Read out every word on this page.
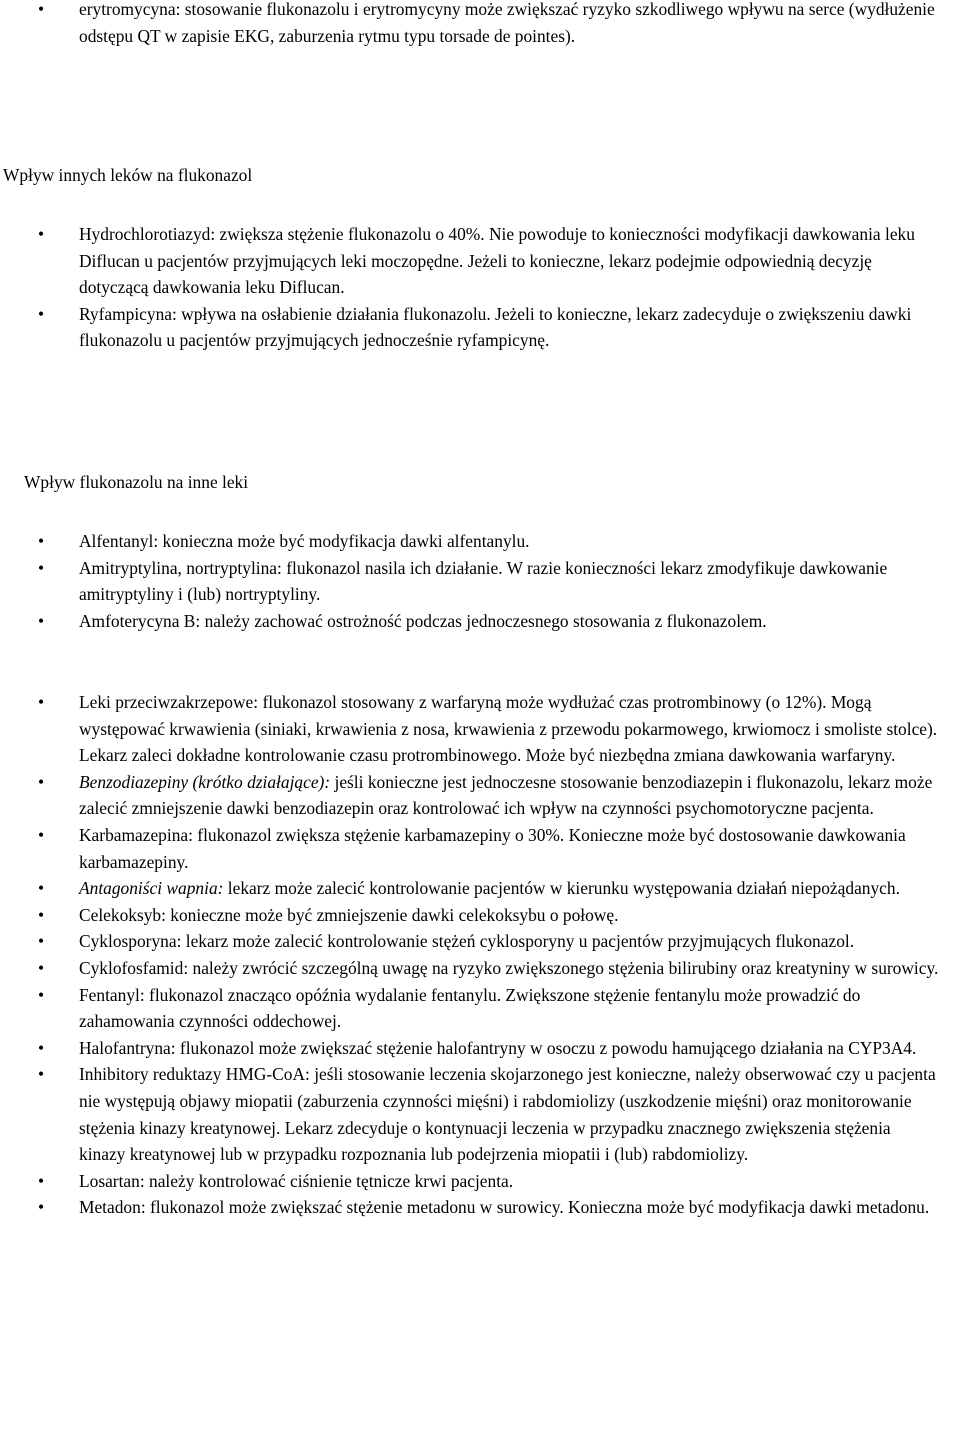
• erytromycyna: stosowanie flukonazolu i erytromycyny może zwiększać ryzyko szkodliwego wpływu na serce (wydłużenie odstępu QT w zapisie EKG, zaburzenia rytmu typu torsade de pointes).
Wpływ innych leków na flukonazol
• Hydrochlorotiazyd: zwiększa stężenie flukonazolu o 40%. Nie powoduje to konieczności modyfikacji dawkowania leku Diflucan u pacjentów przyjmujących leki moczopędne. Jeżeli to konieczne, lekarz podejmie odpowiednią decyzję dotyczącą dawkowania leku Diflucan.
• Ryfampicyna: wpływa na osłabienie działania flukonazolu. Jeżeli to konieczne, lekarz zadecyduje o zwiększeniu dawki flukonazolu u pacjentów przyjmujących jednocześnie ryfampicynę.
Wpływ flukonazolu na inne leki
• Alfentanyl: konieczna może być modyfikacja dawki alfentanylu.
• Amitryptylina, nortryptylina: flukonazol nasila ich działanie. W razie konieczności lekarz zmodyfikuje dawkowanie amitryptyliny i (lub) nortryptyliny.
• Amfoterycyna B: należy zachować ostrożność podczas jednoczesnego stosowania z flukonazolem.
• Leki przeciwzakrzepowe: flukonazol stosowany z warfaryną może wydłużać czas protrombinowy (o 12%). Mogą występować krwawienia (siniaki, krwawienia z nosa, krwawienia z przewodu pokarmowego, krwiomocz i smoliste stolce). Lekarz zaleci dokładne kontrolowanie czasu protrombinowego. Może być niezbędna zmiana dawkowania warfaryny.
• Benzodiazepiny (krótko działające): jeśli konieczne jest jednoczesne stosowanie benzodiazepin i flukonazolu, lekarz może zalecić zmniejszenie dawki benzodiazepin oraz kontrolować ich wpływ na czynności psychomotoryczne pacjenta.
• Karbamazepina: flukonazol zwiększa stężenie karbamazepiny o 30%. Konieczne może być dostosowanie dawkowania karbamazepiny.
• Antagoniści wapnia: lekarz może zalecić kontrolowanie pacjentów w kierunku występowania działań niepożądanych.
• Celekoksyb: konieczne może być zmniejszenie dawki celekoksybu o połowę.
• Cyklosporyna: lekarz może zalecić kontrolowanie stężeń cyklosporyny u pacjentów przyjmujących flukonazol.
• Cyklofosfamid: należy zwrócić szczególną uwagę na ryzyko zwiększonego stężenia bilirubiny oraz kreatyniny w surowicy.
• Fentanyl: flukonazol znacząco opóźnia wydalanie fentanylu. Zwiększone stężenie fentanylu może prowadzić do zahamowania czynności oddechowej.
• Halofantryna: flukonazol może zwiększać stężenie halofantryny w osoczu z powodu hamującego działania na CYP3A4.
• Inhibitory reduktazy HMG-CoA: jeśli stosowanie leczenia skojarzonego jest konieczne, należy obserwować czy u pacjenta nie występują objawy miopatii (zaburzenia czynności mięśni) i rabdomiolizy (uszkodzenie mięśni) oraz monitorowanie stężenia kinazy kreatynowej. Lekarz zdecyduje o kontynuacji leczenia w przypadku znacznego zwiększenia stężenia kinazy kreatynowej lub w przypadku rozpoznania lub podejrzenia miopatii i (lub) rabdomiolizy.
• Losartan: należy kontrolować ciśnienie tętnicze krwi pacjenta.
• Metadon: flukonazol może zwiększać stężenie metadonu w surowicy. Konieczna może być modyfikacja dawki metadonu.
